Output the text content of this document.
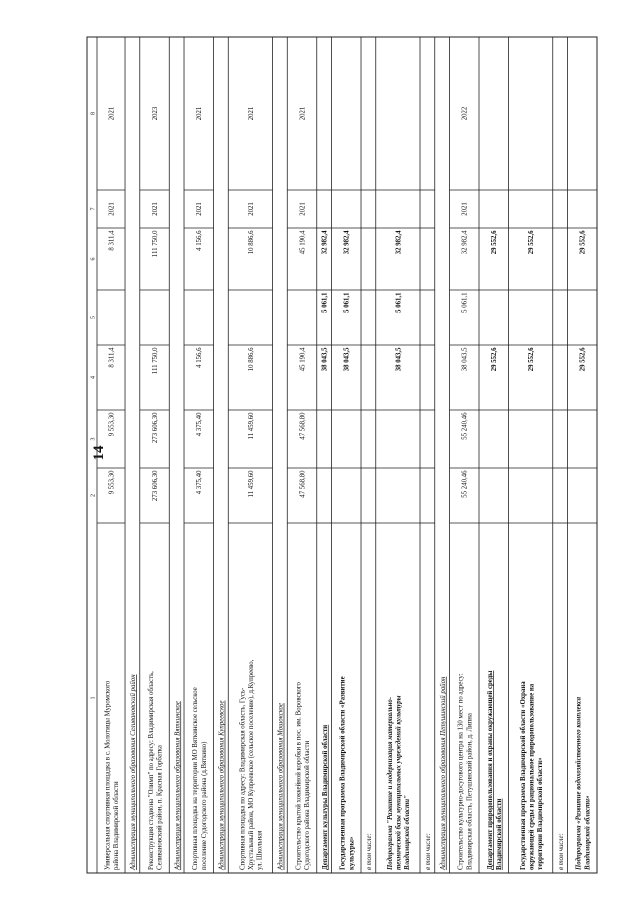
14
1
2
3
4
5
6
7
8
Универсальная спортивная площадка в с. Молотицы Муромского района Владимирской области
9 553,30
9 553,30
8 311,4
8 311,4
2021
2021
Администрация муниципального образования Селивановский район Реконструкция стадиона "Олимп" по адресу: Владимирская область, Селивановский район, п. Красная Горбатка
273 606,30
273 606,30
111 750,0
111 750,0
2021
2023
Администрация муниципального образования Вяткинское Спортивная площадка на территории МО Вяткинское сельское поселение Судогодского района (д.Вяткино)
4 375,40
4 375,40
4 156,6
4 156,6
2021
2021
Администрация муниципального образования Купреевское Спортивная площадка по адресу: Владимирская область, Гусь- Хрустальный район, МО Купреевское (сельское поселение), д.Купреево, ул. Школьная
11 459,60
11 459,60
10 886,6
10 886,6
2021
2021
Администрация муниципального образования Мошокское Строительство крытой хоккейной коробки в пос. им. Воровского Судогодского района Владимирской области
47 568,80
47 568,80
45 190,4
45 190,4
2021
2021
Департамент культуры Владимирской области
38 043,5
5 061,1
32 982,4
Государственная программа Владимирской области «Развитие культуры»
38 043,5
5 061,1
32 982,4
в том числе: Подпрограмма "Развитие и модернизация материально- технической базы муниципальных учреждений культуры Владимирской области"
38 043,5
5 061,1
32 982,4
в том числе: Администрация муниципального образования Петушинский район Строительство культурно-досугового центра на 130 мест по адресу: Владимирская область, Петушинский район, д. Липна
55 240,46
55 240,46
38 043,5
5 061,1
32 982,4
2021
2022
Департамент природопользования и охраны окружающей среды Владимирской области
29 552,6
29 552,6
Государственная программа Владимирской области «Охрана окружающей среды и рациональное природопользование на территории Владимирской области»
29 552,6
29 552,6
в том числе: Подпрограмма «Развитие водохозяйственного комплекса Владимирской области»
29 552,6
29 552,6
